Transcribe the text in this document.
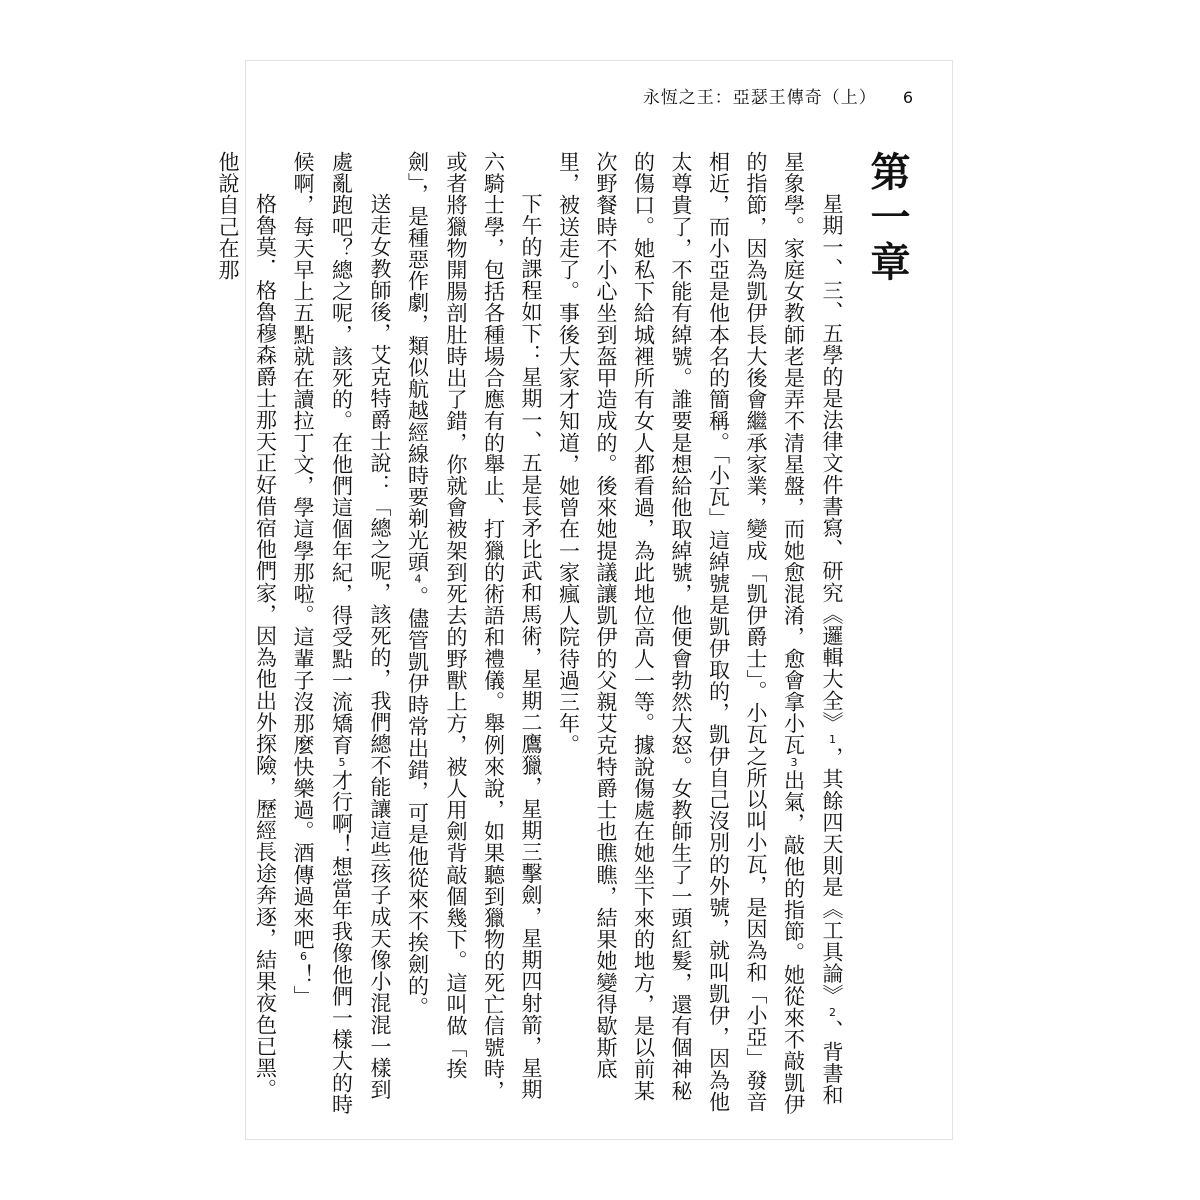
永恆之王：亞瑟王傳奇（上） 6
第一章

星期一、三、五學的是法律文件書寫、研究《邏輯大全》1，其餘四天則是《工具論》2、背書和星象學。家庭女教師老是弄不清星盤，而她愈混淆，愈會拿小瓦3出氣，敲他的指節。她從來不敲凱伊的指節，因為凱伊長大後會繼承家業，變成「凱伊爵士」。小瓦之所以叫小瓦，是因為和「小亞」發音相近，而小亞是他本名的簡稱。「小瓦」這綽號是凱伊取的，凱伊自己沒別的外號，就叫凱伊，因為他太尊貴了，不能有綽號。誰要是想給他取綽號，他便會勃然大怒。女教師生了一頭紅髮，還有個神秘的傷口。她私下給城裡所有女人都看過，為此地位高人一等。據說傷處在她坐下來的地方，是以前某次野餐時不小心坐到盔甲造成的。後來她提議讓凱伊的父親艾克特爵士也瞧瞧，結果她變得歇斯底里，被送走了。事後大家才知道，她曾在一家瘋人院待過三年。

下午的課程如下：星期一、五是長矛比武和馬術，星期二鷹獵，星期三擊劍，星期四射箭，星期六騎士學，包括各種場合應有的舉止、打獵的術語和禮儀。舉例來說，如果聽到獵物的死亡信號時，或者將獵物開腸剖肚時出了錯，你就會被架到死去的野獸上方，被人用劍背敲個幾下。這叫做「挨劍」，是種惡作劇，類似航越經線時要剃光頭4。儘管凱伊時常出錯，可是他從來不挨劍的。

送走女教師後，艾克特爵士說：「總之呢，該死的，我們總不能讓這些孩子成天像小混混一樣到處亂跑吧？總之呢，該死的。在他們這個年紀，得受點一流矯育5才行啊！想當年我像他們一樣大的時候啊，每天早上五點就在讀拉丁文，學這學那啦。這輩子沒那麼快樂過。酒傳過來吧6！」

格魯莫．格魯穆森爵士那天正好借宿他們家，因為他出外探險，歷經長途奔逐，結果夜色已黑。他說自己在那
